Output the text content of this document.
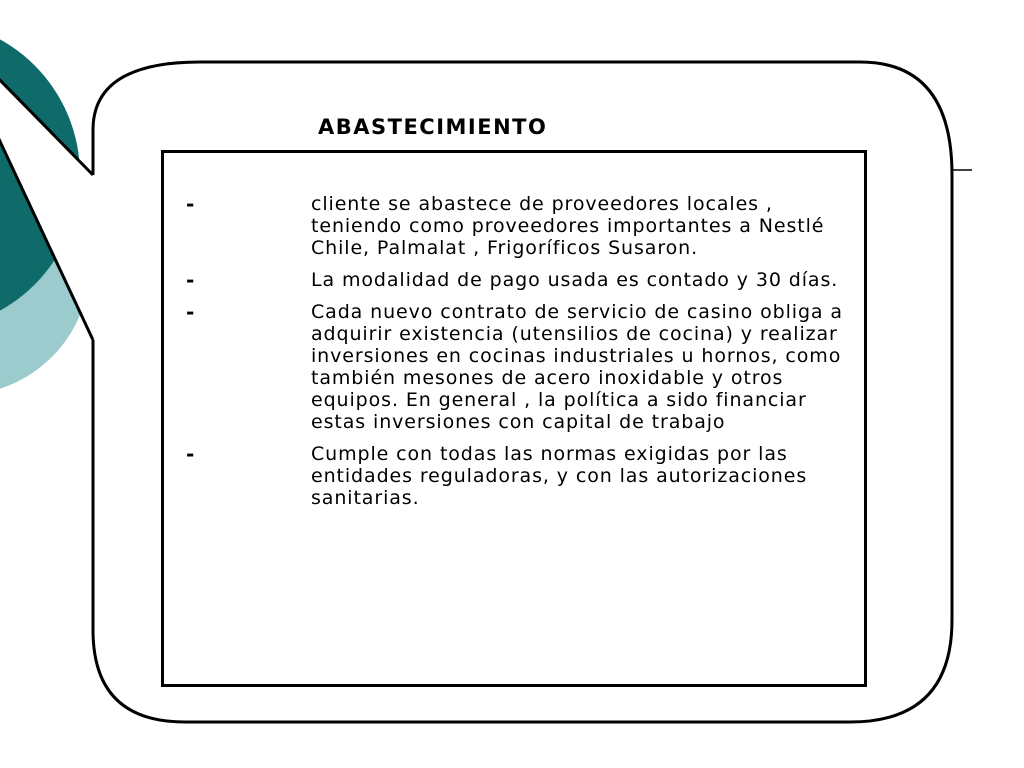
ABASTECIMIENTO
-	cliente se abastece de proveedores locales , teniendo como proveedores importantes a Nestlé Chile, Palmalat , Frigoríficos Susaron.
-	La modalidad de pago usada es contado y 30 días.
-	Cada nuevo contrato de servicio de casino obliga a adquirir existencia (utensilios de cocina) y realizar inversiones en cocinas industriales u hornos, como también mesones de acero inoxidable y otros equipos. En general , la política a sido financiar estas inversiones con capital de trabajo
-	Cumple con todas las normas exigidas por las entidades reguladoras, y con las autorizaciones sanitarias.
